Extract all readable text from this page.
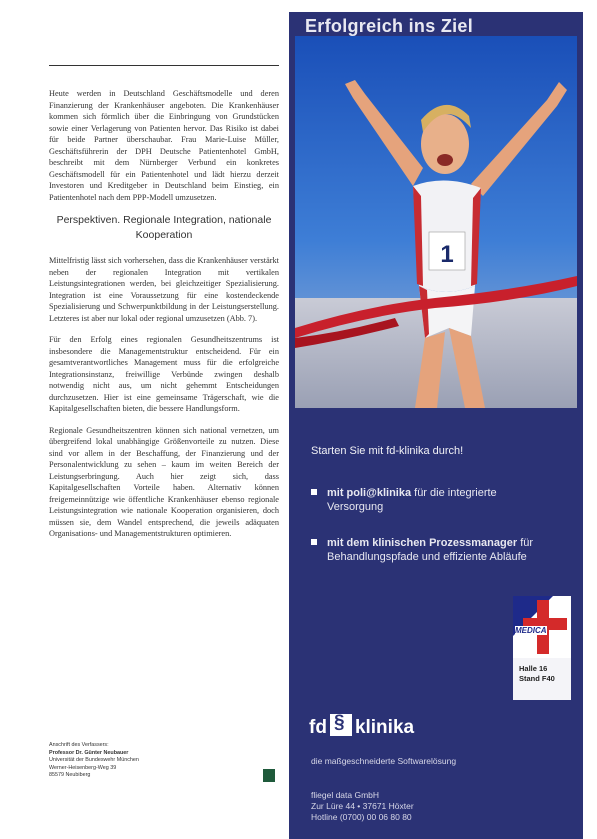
Heute werden in Deutschland Geschäftsmodelle und deren Finanzierung der Krankenhäuser angeboten. Die Krankenhäuser kommen sich förmlich über die Einbringung von Grundstücken sowie einer Verlagerung von Patienten hervor. Das Risiko ist dabei für beide Partner überschaubar. Frau Marie-Luise Müller, Geschäftsführerin der DPH Deutsche Patientenhotel GmbH, beschreibt mit dem Nürnberger Verbund ein konkretes Geschäftsmodell für ein Patientenhotel und lädt hierzu derzeit Investoren und Kreditgeber in Deutschland beim Einstieg, ein Patientenhotel nach dem PPP-Modell umzusetzen.

Perspektiven. Regionale Integration, nationale Kooperation

Mittelfristig lässt sich vorhersehen, dass die Krankenhäuser verstärkt neben der regionalen Integration mit vertikalen Leistungsintegrationen werden, bei gleichzeitiger Spezialisierung. Integration ist eine Voraussetzung für eine kostendeckende Spezialisierung und Schwerpunktbildung in der Leistungserstellung. Letzteres ist aber nur lokal oder regional umzusetzen (Abb. 7).

Für den Erfolg eines regionalen Gesundheitszentrums ist insbesondere die Managementstruktur entscheidend. Für ein gesamtverantwortliches Management muss für die erfolgreiche Integrationsinstanz, freiwillige Verbünde zwingen deshalb notwendig nicht aus, um nicht gehemmt Entscheidungen durchzusetzen. Hier ist eine gemeinsame Trägerschaft, wie die Kapitalgesellschaften bieten, die bessere Handlungsform.

Regionale Gesundheitszentren können sich national vernetzen, um übergreifend lokal unabhängige Größenvorteile zu nutzen. Diese sind vor allem in der Beschaffung, der Finanzierung und der Personalentwicklung zu sehen – kaum im weiten Bereich der Leistungserbringung. Auch hier zeigt sich, dass Kapitalgesellschaften Vorteile haben. Alternativ können freigemeinnützige wie öffentliche Krankenhäuser ebenso regionale Leistungsintegration wie nationale Kooperation organisieren, doch müssen sie, dem Wandel entsprechend, die jeweils adäquaten Organisations- und Managementstrukturen optimieren.

Anschrift des Verfassers:
Professor Dr. Günter Neubauer
Universität der Bundeswehr München
Werner-Heisenberg-Weg 39
85579 Neubiberg
Erfolgreich ins Ziel
1
Starten Sie mit fd-klinika durch!
mit poli@klinika für die integrierte Versorgung
mit dem klinischen Prozessmanager für Behandlungspfade und effiziente Abläufe
MEDICA
Halle 16
Stand F40
fd§ klinika
die maßgeschneiderte Softwarelösung
fliegel data GmbH
Zur Lüre 44 • 37671 Höxter
Hotline (0700) 00 06 80 80
